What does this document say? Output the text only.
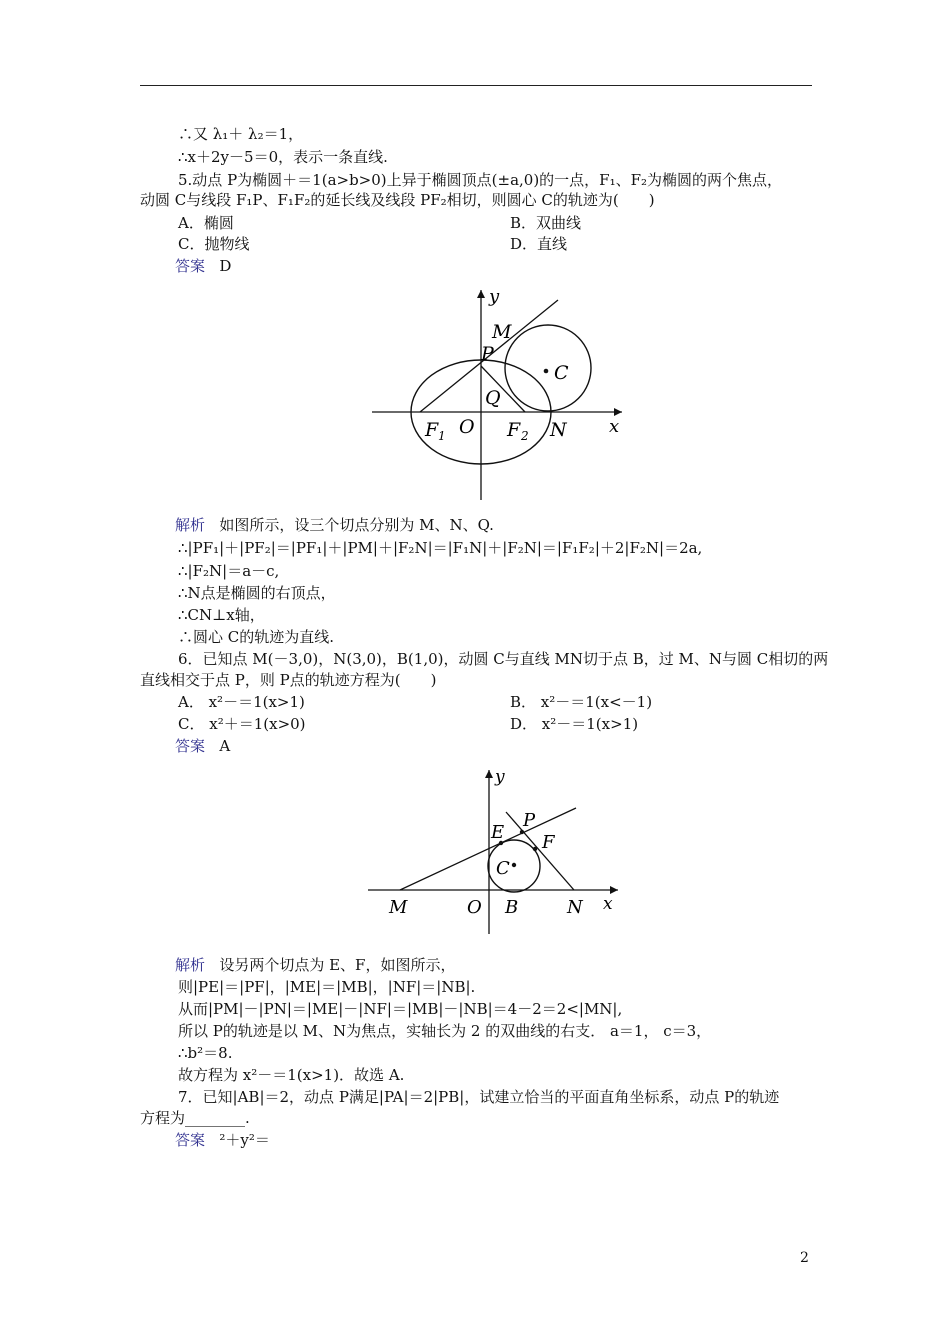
∴又 λ₁＋ λ₂＝1，
∴x＋2y－5＝0，表示一条直线.
5.动点 P为椭圆＋＝1(a>b>0)上异于椭圆顶点(±a,0)的一点，F₁、F₂为椭圆的两个焦点，
动圆 C与线段 F₁P、F₁F₂的延长线及线段 PF₂相切，则圆心 C的轨迹为(　　)
A．椭圆	B．双曲线
C．抛物线	D．直线
答案 D
y
x
M
P
C
Q
F 1 O F 2 N
解析 如图所示，设三个切点分别为 M、N、Q.
∴|PF₁|＋|PF₂|＝|PF₁|＋|PM|＋|F₂N|＝|F₁N|＋|F₂N|＝|F₁F₂|＋2|F₂N|＝2a,
∴|F₂N|＝a－c,
∴N点是椭圆的右顶点，
∴CN⊥x轴，
∴圆心 C的轨迹为直线.
6．已知点 M(－3,0)，N(3,0)，B(1,0)，动圆 C与直线 MN切于点 B，过 M、N与圆 C相切的两
直线相交于点 P，则 P点的轨迹方程为(　　)
A． x²－＝1(x>1)	B． x²－＝1(x<－1)
C． x²＋＝1(x>0)	D． x²－＝1(x>1)
答案 A
y
x
P
E F
C
M	O B	N
解析 设另两个切点为 E、F，如图所示，
则|PE|＝|PF|，|ME|＝|MB|，|NF|＝|NB|.
从而|PM|－|PN|＝|ME|－|NF|＝|MB|－|NB|＝4－2＝2<|MN|,
所以 P的轨迹是以 M、N为焦点，实轴长为 2 的双曲线的右支． a＝1， c＝3，
∴b²＝8.
故方程为 x²－＝1(x>1)．故选 A.
7．已知|AB|＝2，动点 P满足|PA|＝2|PB|，试建立恰当的平面直角坐标系，动点 P的轨迹
方程为________.
答案 ²＋y²＝
2
